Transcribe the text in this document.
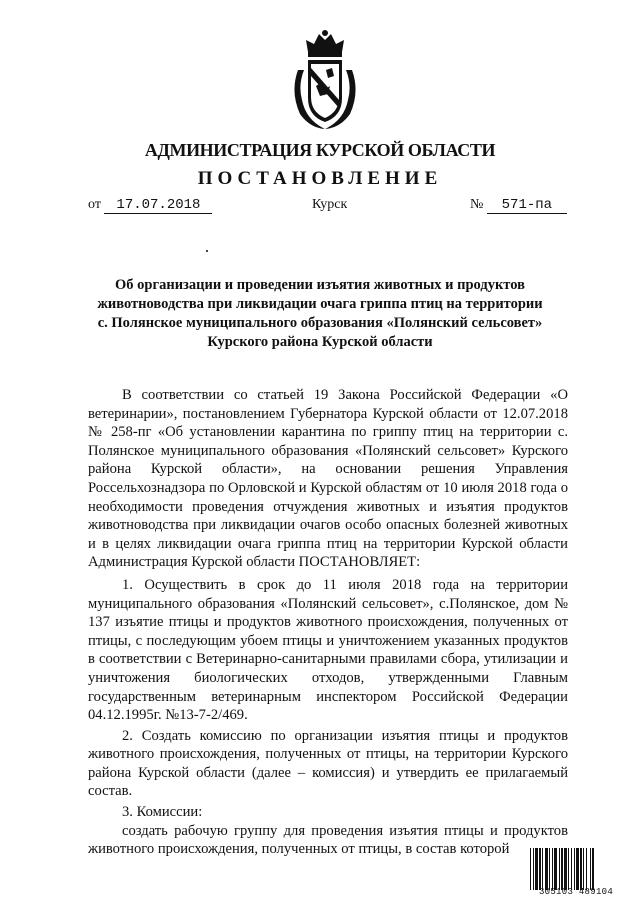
АДМИНИСТРАЦИЯ КУРСКОЙ ОБЛАСТИ
ПОСТАНОВЛЕНИЕ
от 17.07.2018	Курск	№ 571-па
Об организации и проведении изъятия животных и продуктов
животноводства при ликвидации очага гриппа птиц на территории
с. Полянское муниципального образования «Полянский сельсовет»
Курского района Курской области

В соответствии со статьей 19 Закона Российской Федерации «О ветеринарии», постановлением Губернатора Курской области от 12.07.2018 № 258-пг «Об установлении карантина по гриппу птиц на территории с. Полянское муниципального образования «Полянский сельсовет» Курского района Курской области», на основании решения Управления Россельхознадзора по Орловской и Курской областям от 10 июля 2018 года о необходимости проведения отчуждения животных и изъятия продуктов животноводства при ликвидации очагов особо опасных болезней животных и в целях ликвидации очага гриппа птиц на территории Курской области Администрация Курской области ПОСТАНОВЛЯЕТ:

1. Осуществить в срок до 11 июля 2018 года на территории муниципального образования «Полянский сельсовет», с.Полянское, дом № 137 изъятие птицы и продуктов животного происхождения, полученных от птицы, с последующим убоем птицы и уничтожением указанных продуктов в соответствии с Ветеринарно-санитарными правилами сбора, утилизации и уничтожения биологических отходов, утвержденными Главным государственным ветеринарным инспектором Российской Федерации 04.12.1995г. №13-7-2/469.

2. Создать комиссию по организации изъятия птицы и продуктов животного происхождения, полученных от птицы, на территории Курского района Курской области (далее – комиссия) и утвердить ее прилагаемый состав.

3. Комиссии:

создать рабочую группу для проведения изъятия птицы и продуктов животного происхождения, полученных от птицы, в состав которой

305103 489104
